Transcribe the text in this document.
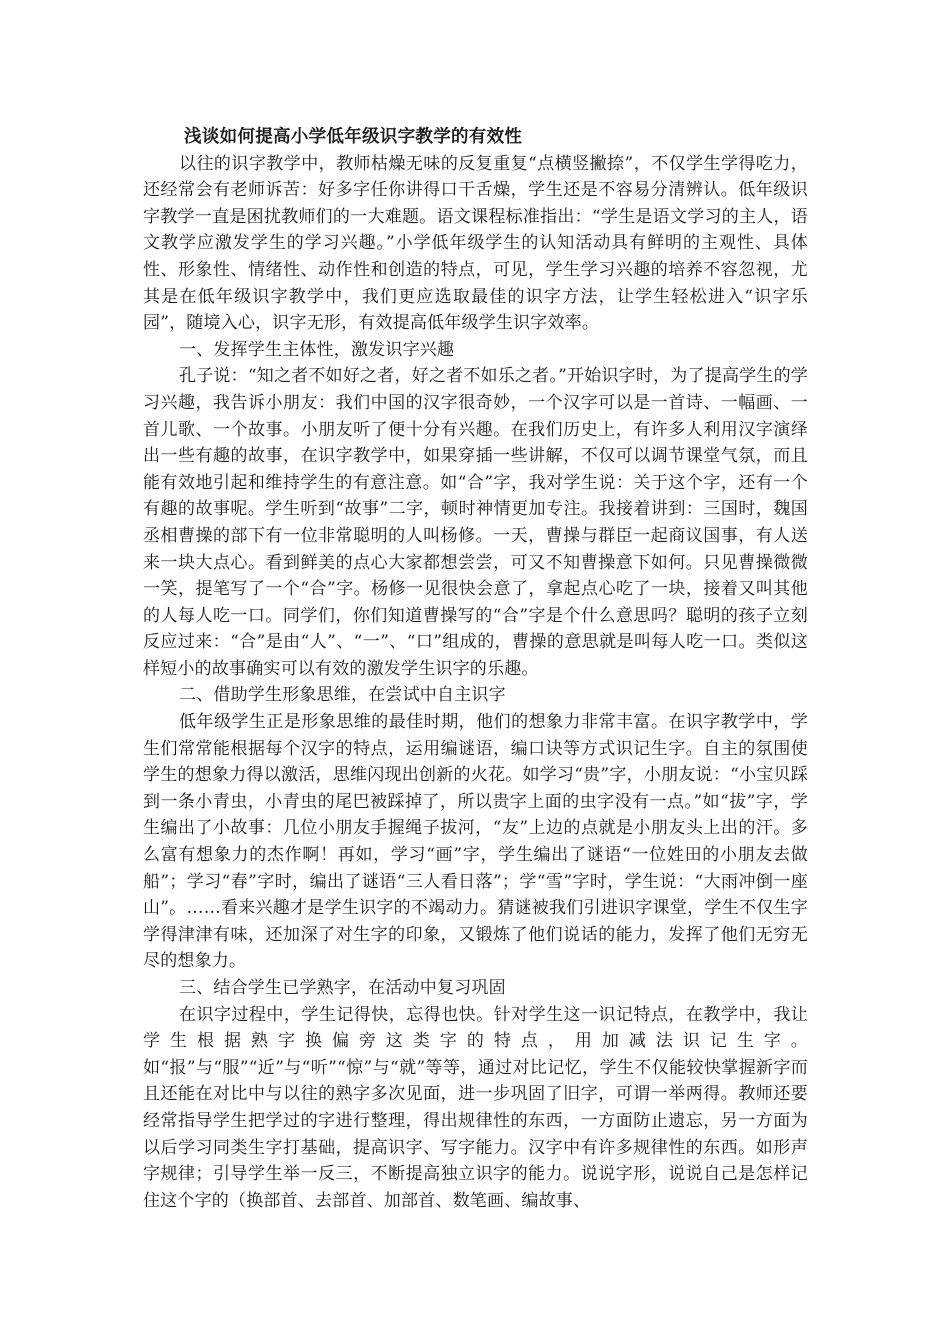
浅谈如何提高小学低年级识字教学的有效性

以往的识字教学中，教师枯燥无味的反复重复“点横竖撇捺”，不仅学生学得吃力，还经常会有老师诉苦：好多字任你讲得口干舌燥，学生还是不容易分清辨认。低年级识字教学一直是困扰教师们的一大难题。语文课程标准指出：“学生是语文学习的主人，语文教学应激发学生的学习兴趣。”小学低年级学生的认知活动具有鲜明的主观性、具体性、形象性、情绪性、动作性和创造的特点，可见，学生学习兴趣的培养不容忽视，尤其是在低年级识字教学中，我们更应选取最佳的识字方法，让学生轻松进入“识字乐园”，随境入心，识字无形，有效提高低年级学生识字效率。

一、发挥学生主体性，激发识字兴趣

孔子说：“知之者不如好之者，好之者不如乐之者。”开始识字时，为了提高学生的学习兴趣，我告诉小朋友：我们中国的汉字很奇妙，一个汉字可以是一首诗、一幅画、一首儿歌、一个故事。小朋友听了便十分有兴趣。在我们历史上，有许多人利用汉字演绎出一些有趣的故事，在识字教学中，如果穿插一些讲解，不仅可以调节课堂气氛，而且能有效地引起和维持学生的有意注意。如“合”字，我对学生说：关于这个字，还有一个有趣的故事呢。学生听到“故事”二字，顿时神情更加专注。我接着讲到：三国时，魏国丞相曹操的部下有一位非常聪明的人叫杨修。一天，曹操与群臣一起商议国事，有人送来一块大点心。看到鲜美的点心大家都想尝尝，可又不知曹操意下如何。只见曹操微微一笑，提笔写了一个“合”字。杨修一见很快会意了，拿起点心吃了一块，接着又叫其他的人每人吃一口。同学们，你们知道曹操写的“合”字是个什么意思吗？聪明的孩子立刻反应过来：“合”是由“人”、“一”、“口”组成的，曹操的意思就是叫每人吃一口。类似这样短小的故事确实可以有效的激发学生识字的乐趣。

二、借助学生形象思维，在尝试中自主识字

低年级学生正是形象思维的最佳时期，他们的想象力非常丰富。在识字教学中，学生们常常能根据每个汉字的特点，运用编谜语，编口诀等方式识记生字。自主的氛围使学生的想象力得以激活，思维闪现出创新的火花。如学习“贵”字，小朋友说：“小宝贝踩到一条小青虫，小青虫的尾巴被踩掉了，所以贵字上面的虫字没有一点。”如“拔”字，学生编出了小故事：几位小朋友手握绳子拔河，“友”上边的点就是小朋友头上出的汗。多么富有想象力的杰作啊！再如，学习“画”字，学生编出了谜语“一位姓田的小朋友去做船”；学习“春”字时，编出了谜语“三人看日落”；学“雪”字时，学生说：“大雨冲倒一座山”。……看来兴趣才是学生识字的不竭动力。猜谜被我们引进识字课堂，学生不仅生字学得津津有味，还加深了对生字的印象，又锻炼了他们说话的能力，发挥了他们无穷无尽的想象力。

三、结合学生已学熟字，在活动中复习巩固

在识字过程中，学生记得快，忘得也快。针对学生这一识记特点，在教学中，我让学生根据熟字换偏旁这类字的特点，用加减法识记生字。如“报”与“服”“近”与“听”“惊”与“就”等等，通过对比记忆，学生不仅能较快掌握新字而且还能在对比中与以往的熟字多次见面，进一步巩固了旧字，可谓一举两得。教师还要经常指导学生把学过的字进行整理，得出规律性的东西，一方面防止遗忘，另一方面为以后学习同类生字打基础，提高识字、写字能力。汉字中有许多规律性的东西。如形声字规律；引导学生举一反三，不断提高独立识字的能力。说说字形，说说自己是怎样记住这个字的（换部首、去部首、加部首、数笔画、编故事、
